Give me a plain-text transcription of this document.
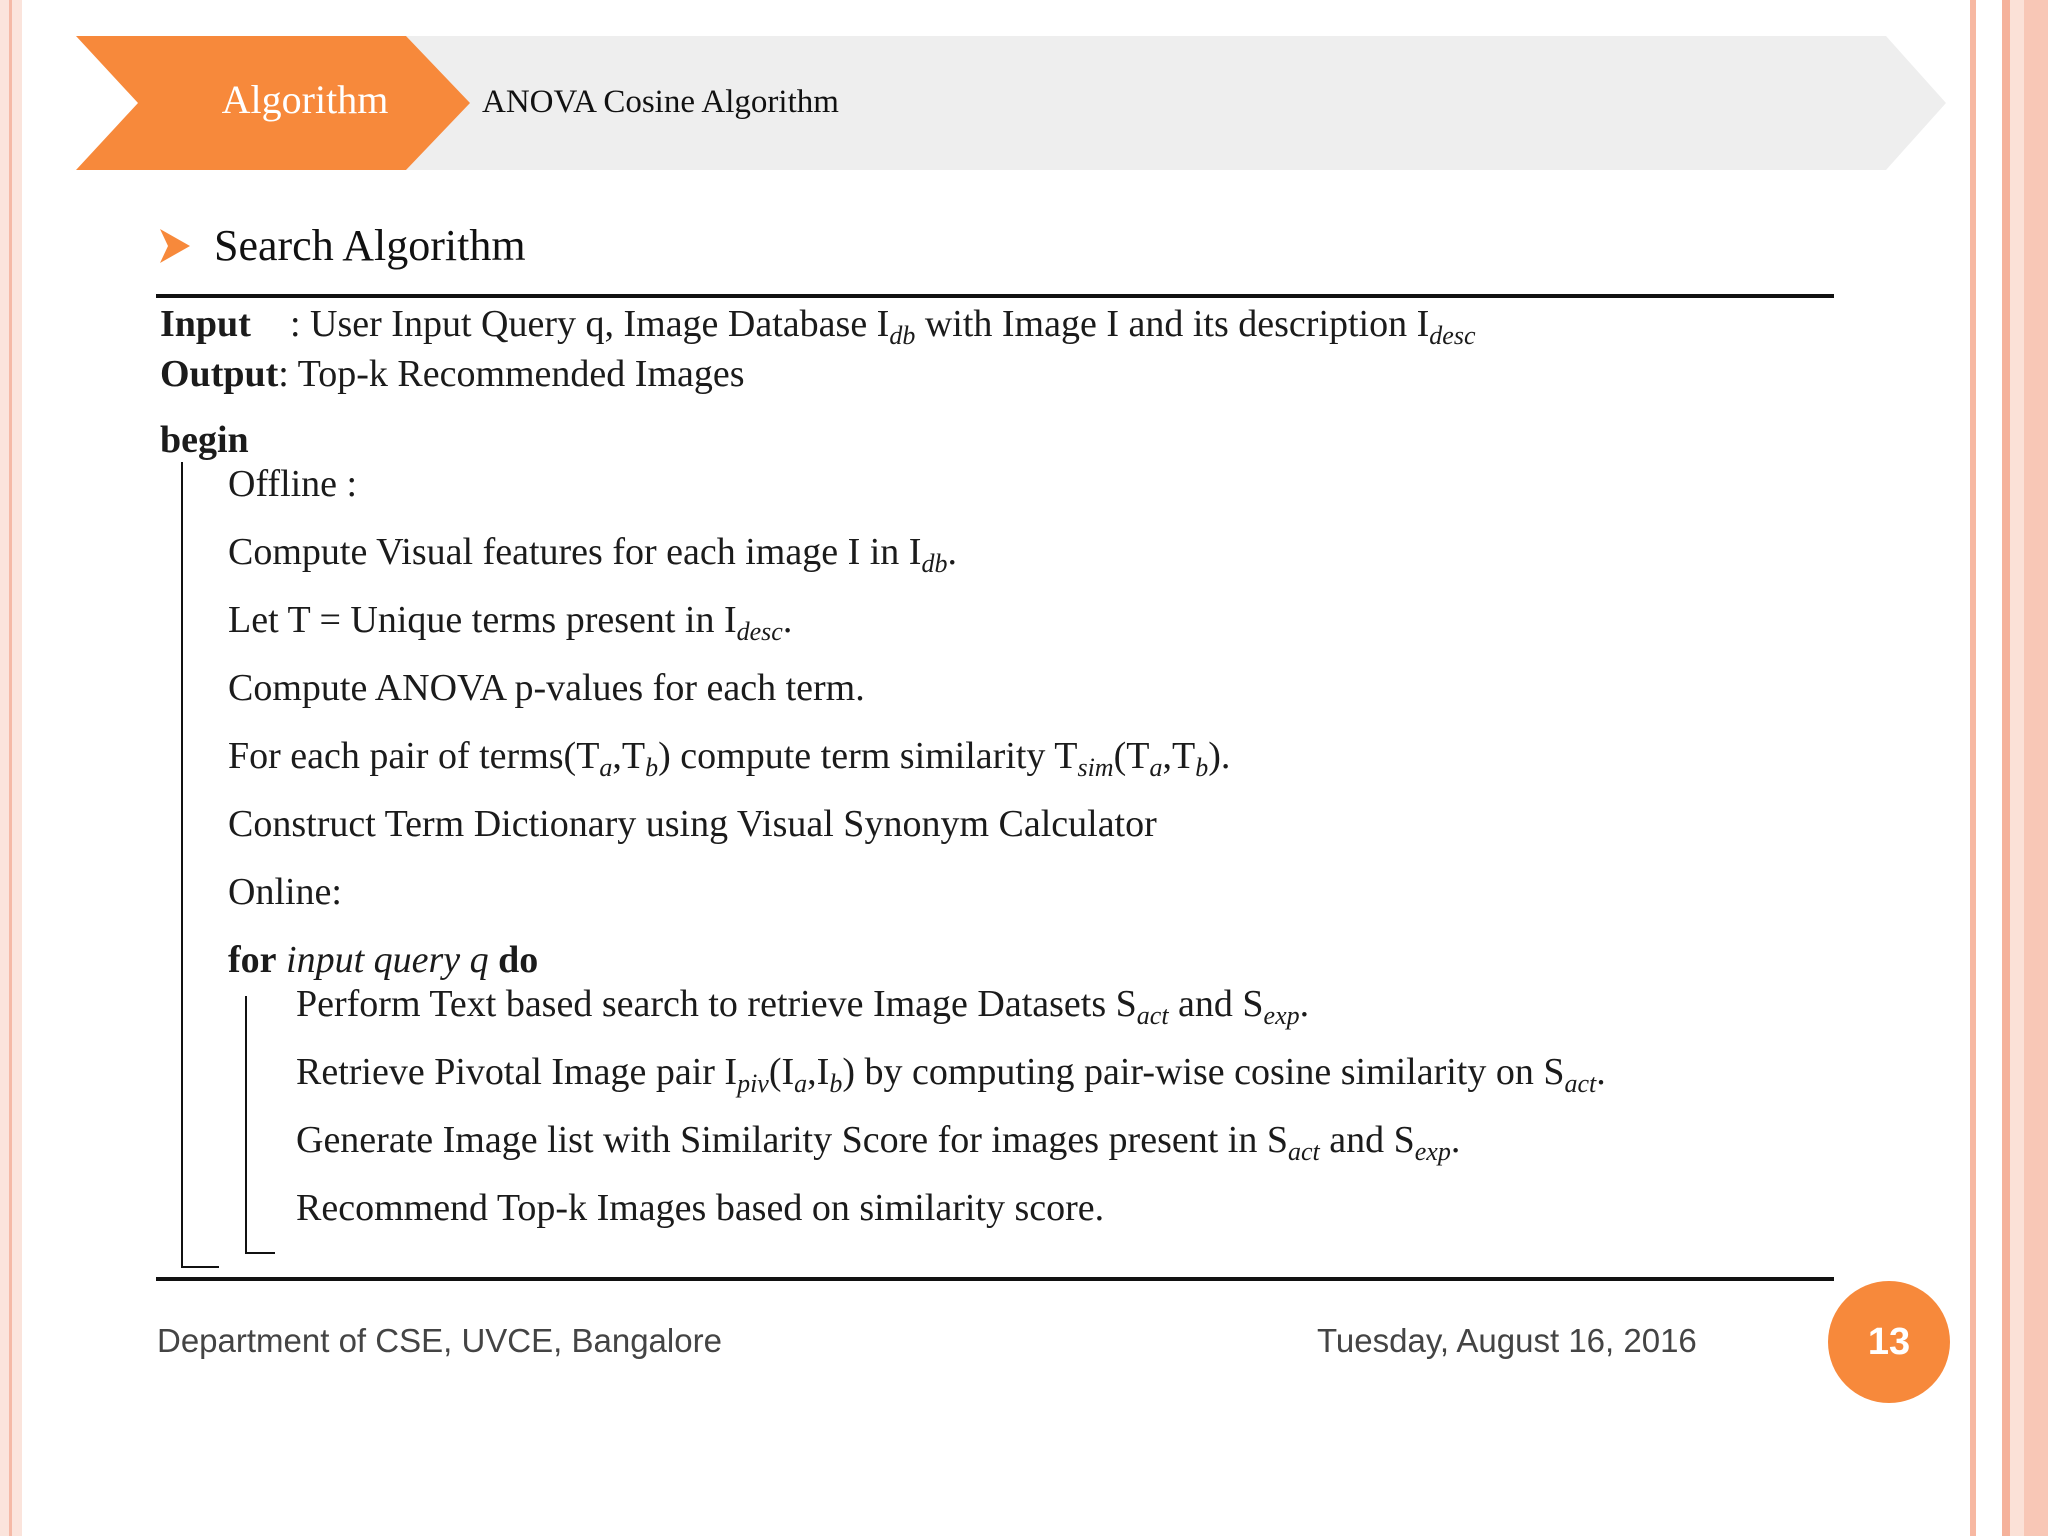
Algorithm	ANOVA Cosine Algorithm
Search Algorithm
Input : User Input Query q, Image Database $I_{db}$ with Image I and its description $I_{desc}$
Output: Top-k Recommended Images
begin
Offline :
Compute Visual features for each image I in $I_{db}$.
Let T = Unique terms present in $I_{desc}$.
Compute ANOVA p-values for each term.
For each pair of $terms(T_a,T_b)$ compute term similarity $T_{sim}(T_a,T_b)$.
Construct Term Dictionary using Visual Synonym Calculator
Online:
for input query q do
Perform Text based search to retrieve Image Datasets $S_{act}$ and $S_{exp}$.
Retrieve Pivotal Image pair $I_{piv}(I_a,I_b)$ by computing pair-wise cosine similarity on $S_{act}$.
Generate Image list with Similarity Score for images present in $S_{act}$ and $S_{exp}$.
Recommend Top-k Images based on similarity score.
Department of CSE, UVCE, Bangalore	Tuesday, August 16, 2016	13
